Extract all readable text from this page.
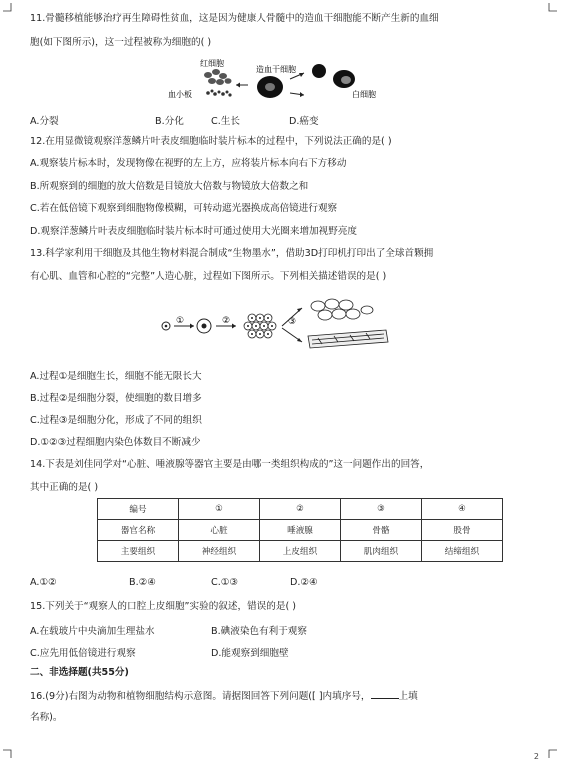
11.骨髓移植能够治疗再生障碍性贫血，这是因为健康人骨髓中的造血干细胞能不断产生新的血细
胞(如下图所示)，这一过程被称为细胞的( )
红细胞
血小板
造血干细胞
白细胞
A.分裂	B.分化	C.生长	D.癌变
12.在用显微镜观察洋葱鳞片叶表皮细胞临时装片标本的过程中，下列说法正确的是( )
A.观察装片标本时，发现物像在视野的左上方，应将装片标本向右下方移动
B.所观察到的细胞的放大倍数是目镜放大倍数与物镜放大倍数之和
C.若在低倍镜下观察到细胞物像模糊，可转动遮光器换成高倍镜进行观察
D.观察洋葱鳞片叶表皮细胞临时装片标本时可通过使用大光圈来增加视野亮度
13.科学家利用干细胞及其他生物材料混合制成“生物墨水”，借助3D打印机打印出了全球首颗拥
有心肌、血管和心腔的“完整”人造心脏，过程如下图所示。下列相关描述错误的是( )
①	②	③
A.过程①是细胞生长，细胞不能无限长大
B.过程②是细胞分裂，使细胞的数目增多
C.过程③是细胞分化，形成了不同的组织
D.①②③过程细胞内染色体数目不断减少
14.下表是刘佳同学对“心脏、唾液腺等器官主要是由哪一类组织构成的”这一问题作出的回答，
其中正确的是( )
编号	①	②	③	④
器官名称	心脏	唾液腺	骨骼	股骨
主要组织	神经组织	上皮组织	肌肉组织	结缔组织
A.①②	B.②④	C.①③	D.②④
15.下列关于“观察人的口腔上皮细胞”实验的叙述，错误的是( )
A.在载玻片中央滴加生理盐水	B.碘液染色有利于观察
C.应先用低倍镜进行观察	D.能观察到细胞壁
二、非选择题(共55分)
16.(9分)右图为动物和植物细胞结构示意图。请据图回答下列问题([ ]内填序号，	上填
名称)。
2
